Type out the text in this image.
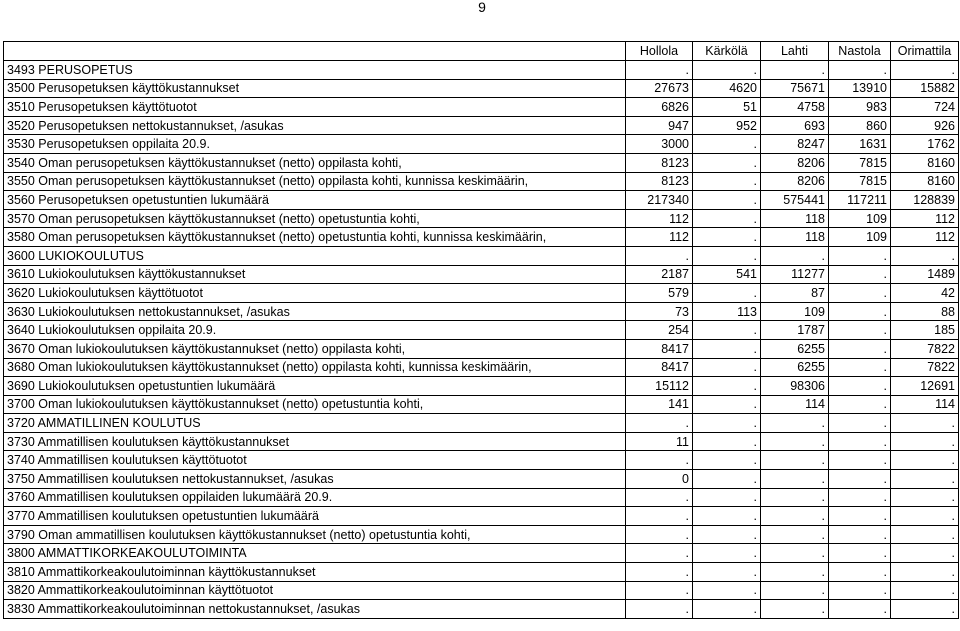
9
	Hollola	Kärkölä	Lahti	Nastola	Orimattila
3493 PERUSOPETUS	.	.	.	.	.
3500 Perusopetuksen käyttökustannukset	27673	4620	75671	13910	15882
3510 Perusopetuksen käyttötuotot	6826	51	4758	983	724
3520 Perusopetuksen nettokustannukset, /asukas	947	952	693	860	926
3530 Perusopetuksen oppilaita 20.9.	3000	.	8247	1631	1762
3540 Oman perusopetuksen käyttökustannukset (netto) oppilasta kohti,	8123	.	8206	7815	8160
3550 Oman perusopetuksen käyttökustannukset (netto) oppilasta kohti, kunnissa keskimäärin,	8123	.	8206	7815	8160
3560 Perusopetuksen opetustuntien lukumäärä	217340	.	575441	117211	128839
3570 Oman perusopetuksen käyttökustannukset (netto) opetustuntia kohti,	112	.	118	109	112
3580 Oman perusopetuksen käyttökustannukset (netto) opetustuntia kohti, kunnissa keskimäärin,	112	.	118	109	112
3600 LUKIOKOULUTUS	.	.	.	.	.
3610 Lukiokoulutuksen käyttökustannukset	2187	541	11277	.	1489
3620 Lukiokoulutuksen käyttötuotot	579	.	87	.	42
3630 Lukiokoulutuksen nettokustannukset, /asukas	73	113	109	.	88
3640 Lukiokoulutuksen oppilaita 20.9.	254	.	1787	.	185
3670 Oman lukiokoulutuksen käyttökustannukset (netto) oppilasta kohti,	8417	.	6255	.	7822
3680 Oman lukiokoulutuksen käyttökustannukset (netto) oppilasta kohti, kunnissa keskimäärin,	8417	.	6255	.	7822
3690 Lukiokoulutuksen opetustuntien lukumäärä	15112	.	98306	.	12691
3700 Oman lukiokoulutuksen käyttökustannukset (netto) opetustuntia kohti,	141	.	114	.	114
3720 AMMATILLINEN KOULUTUS	.	.	.	.	.
3730 Ammatillisen koulutuksen käyttökustannukset	11	.	.	.	.
3740 Ammatillisen koulutuksen käyttötuotot	.	.	.	.	.
3750 Ammatillisen koulutuksen nettokustannukset, /asukas	0	.	.	.	.
3760 Ammatillisen koulutuksen oppilaiden lukumäärä 20.9.	.	.	.	.	.
3770 Ammatillisen koulutuksen opetustuntien lukumäärä	.	.	.	.	.
3790 Oman ammatillisen koulutuksen käyttökustannukset (netto) opetustuntia kohti,	.	.	.	.	.
3800 AMMATTIKORKEAKOULUTOIMINTA	.	.	.	.	.
3810 Ammattikorkeakoulutoiminnan käyttökustannukset	.	.	.	.	.
3820 Ammattikorkeakoulutoiminnan käyttötuotot	.	.	.	.	.
3830 Ammattikorkeakoulutoiminnan nettokustannukset, /asukas	.	.	.	.	.
